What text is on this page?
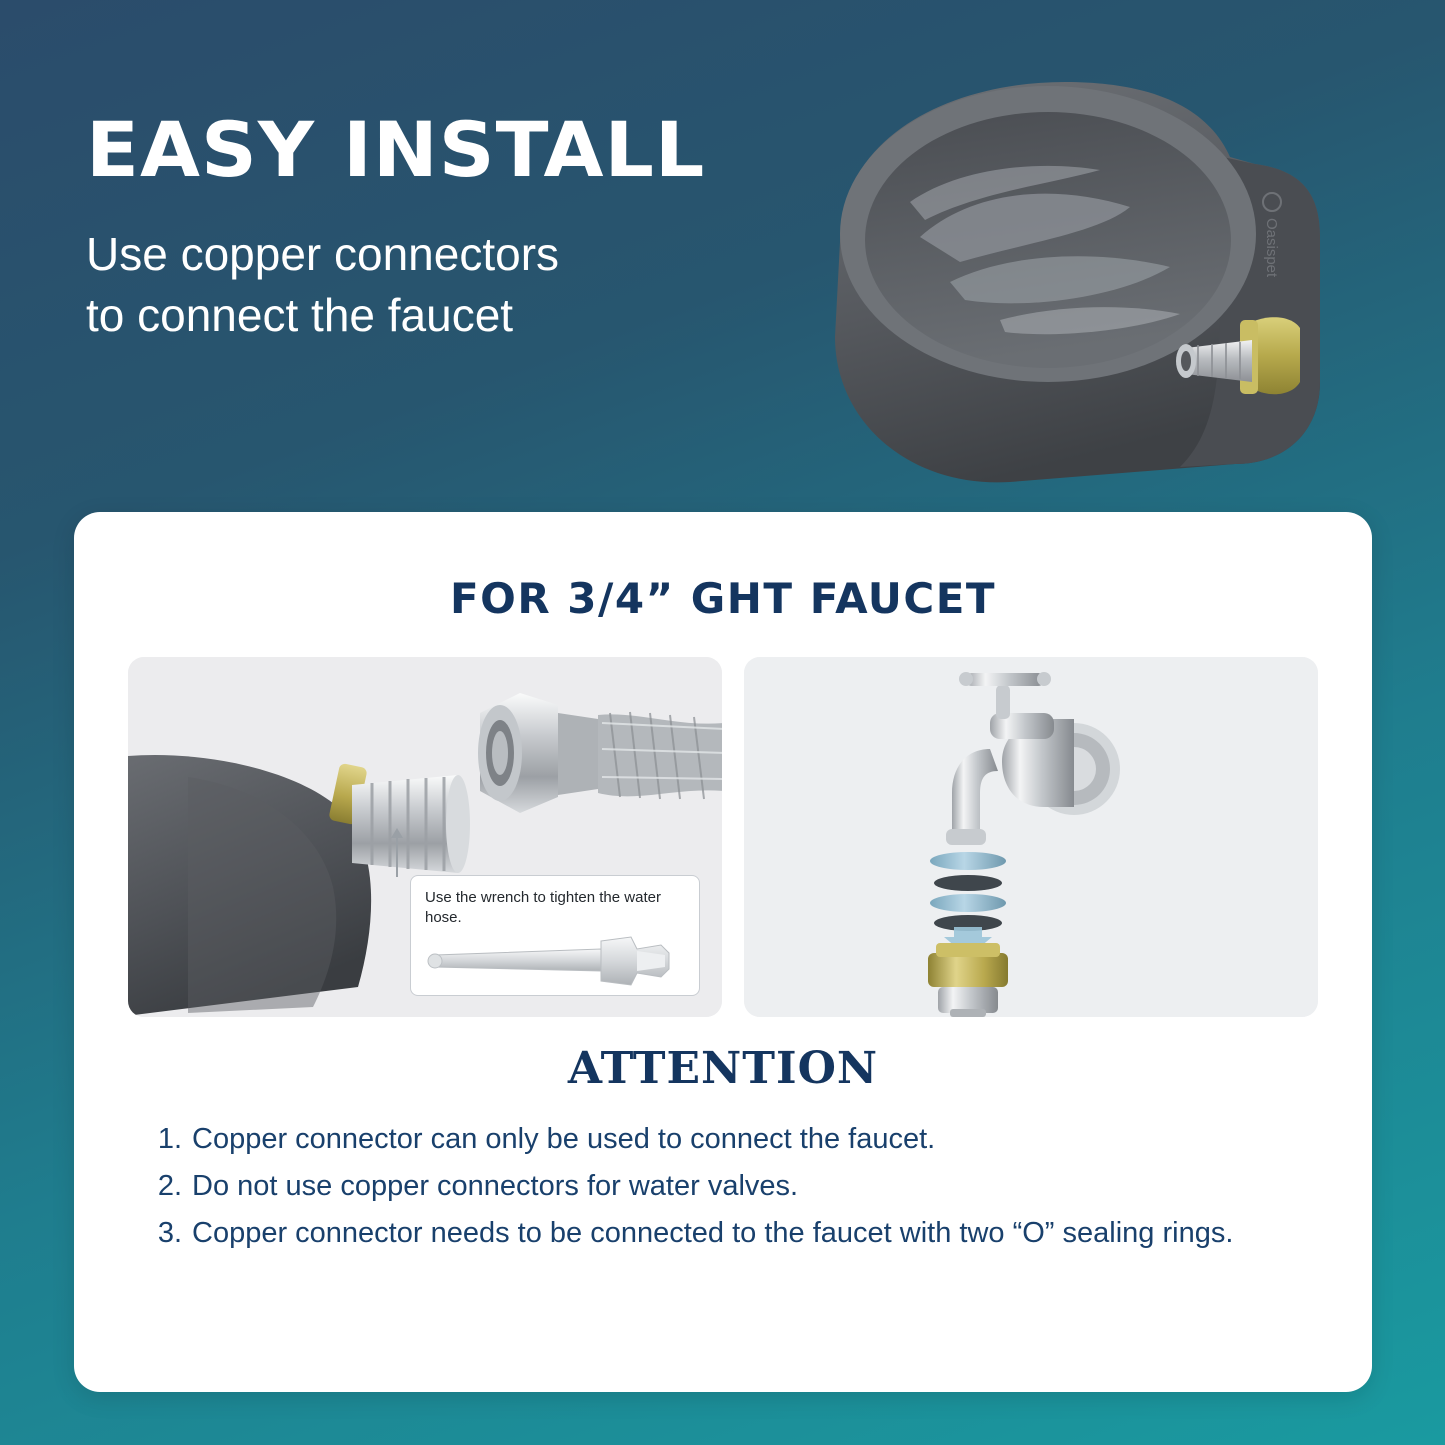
EASY INSTALL

Use copper connectors
to connect the faucet

Oasispet
FOR 3/4” GHT FAUCET

Use the wrench to tighten the water hose.

ATTENTION
1. Copper connector can only be used to connect the faucet.
2. Do not use copper connectors for water valves.
3. Copper connector needs to be connected to the faucet with two “O” sealing rings.
